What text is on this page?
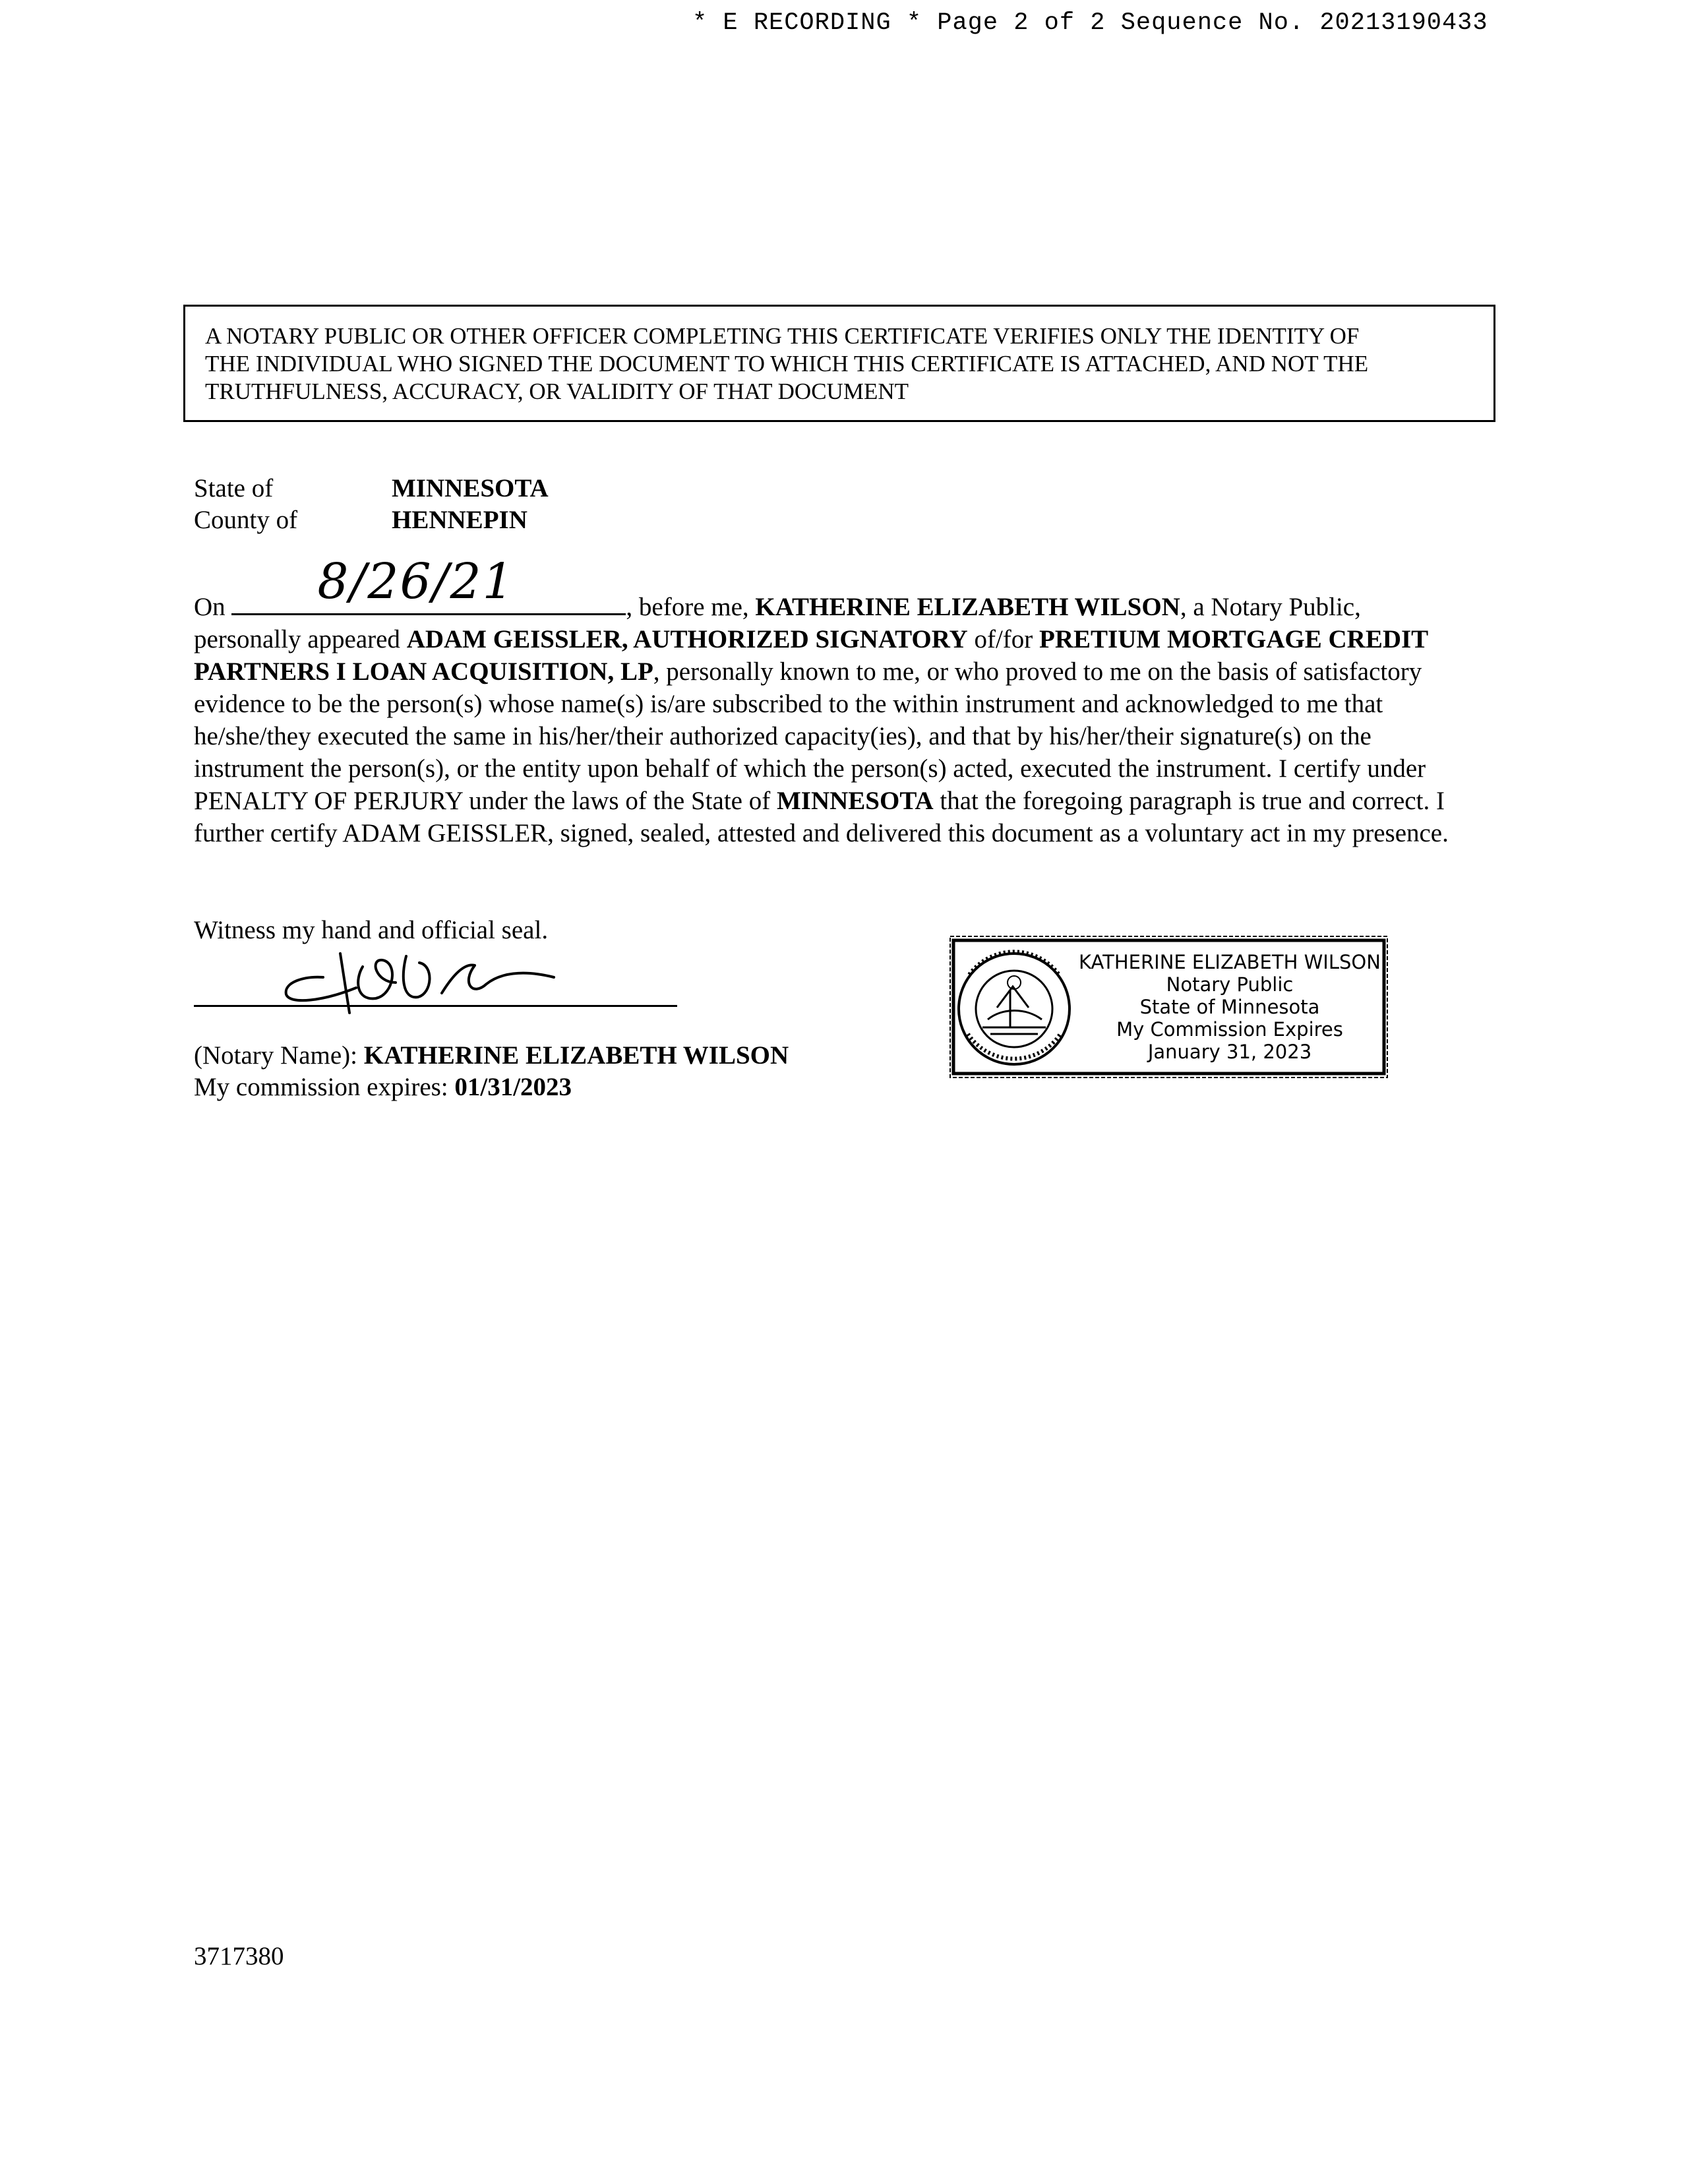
* E RECORDING * Page 2 of 2 Sequence No. 20213190433
A NOTARY PUBLIC OR OTHER OFFICER COMPLETING THIS CERTIFICATE VERIFIES ONLY THE IDENTITY OF
THE INDIVIDUAL WHO SIGNED THE DOCUMENT TO WHICH THIS CERTIFICATE IS ATTACHED, AND NOT THE
TRUTHFULNESS, ACCURACY, OR VALIDITY OF THAT DOCUMENT
State of	MINNESOTA
County of	HENNEPIN
On 8/26/21	, before me, KATHERINE ELIZABETH WILSON, a Notary Public, personally appeared ADAM GEISSLER, AUTHORIZED SIGNATORY of/for PRETIUM MORTGAGE CREDIT PARTNERS I LOAN ACQUISITION, LP, personally known to me, or who proved to me on the basis of satisfactory evidence to be the person(s) whose name(s) is/are subscribed to the within instrument and acknowledged to me that he/she/they executed the same in his/her/their authorized capacity(ies), and that by his/her/their signature(s) on the instrument the person(s), or the entity upon behalf of which the person(s) acted, executed the instrument. I certify under PENALTY OF PERJURY under the laws of the State of MINNESOTA that the foregoing paragraph is true and correct. I further certify ADAM GEISSLER, signed, sealed, attested and delivered this document as a voluntary act in my presence.
Witness my hand and official seal.
(Notary Name): KATHERINE ELIZABETH WILSON
My commission expires: 01/31/2023
KATHERINE ELIZABETH WILSON
Notary Public
State of Minnesota
My Commission Expires
January 31, 2023
3717380
